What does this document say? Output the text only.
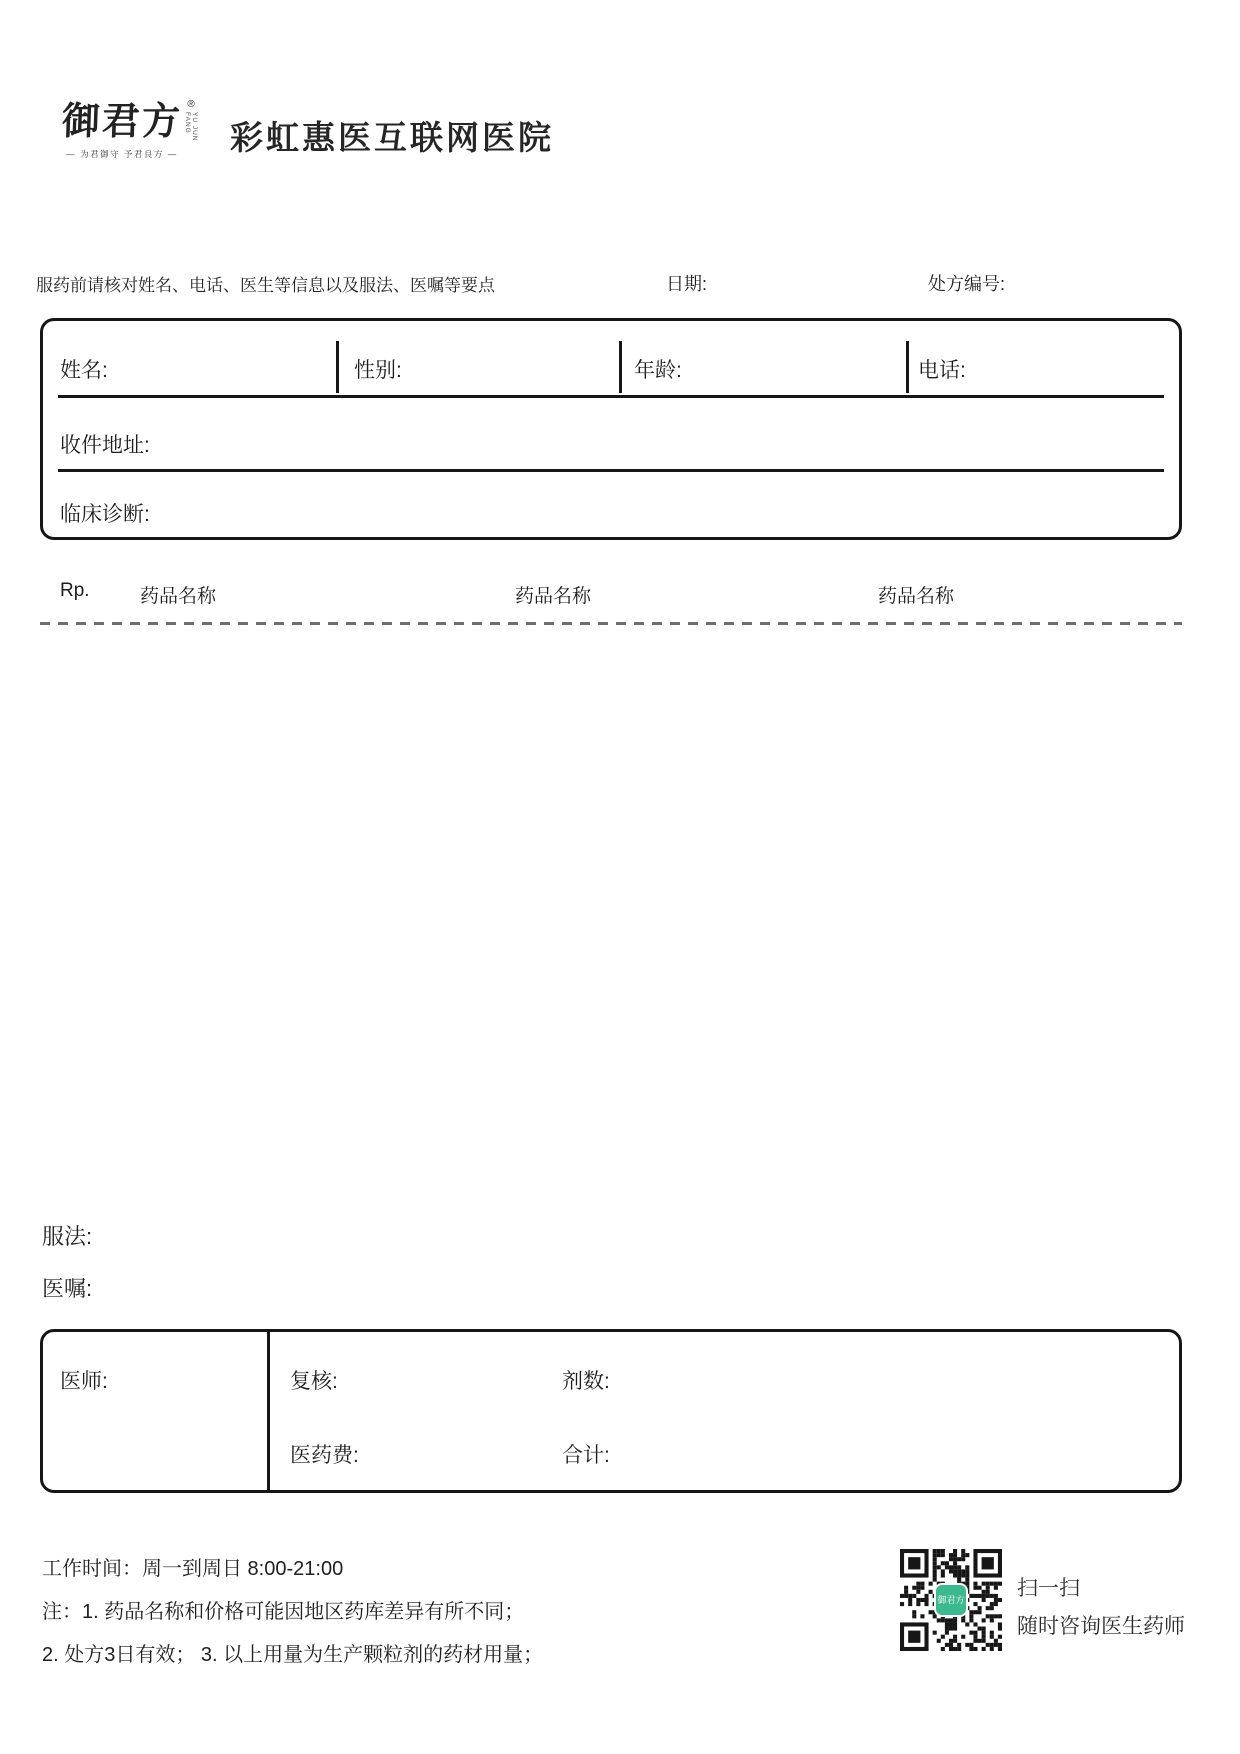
御君方 ®
YU JUN FANG
— 为君御守 予君良方 — 彩虹惠医互联网医院
服药前请核对姓名、电话、医生等信息以及服法、医嘱等要点	日期:	处方编号:
姓名:	性别:	年龄:	电话:
收件地址:
临床诊断:
Rp.	药品名称	药品名称	药品名称
服法:
医嘱:
医师:	复核:	剂数:
医药费:	合计:
工作时间：周一到周日 8:00-21:00
注：1. 药品名称和价格可能因地区药库差异有所不同；
2. 处方3日有效； 3. 以上用量为生产颗粒剂的药材用量；
御君方	扫一扫
随时咨询医生药师
